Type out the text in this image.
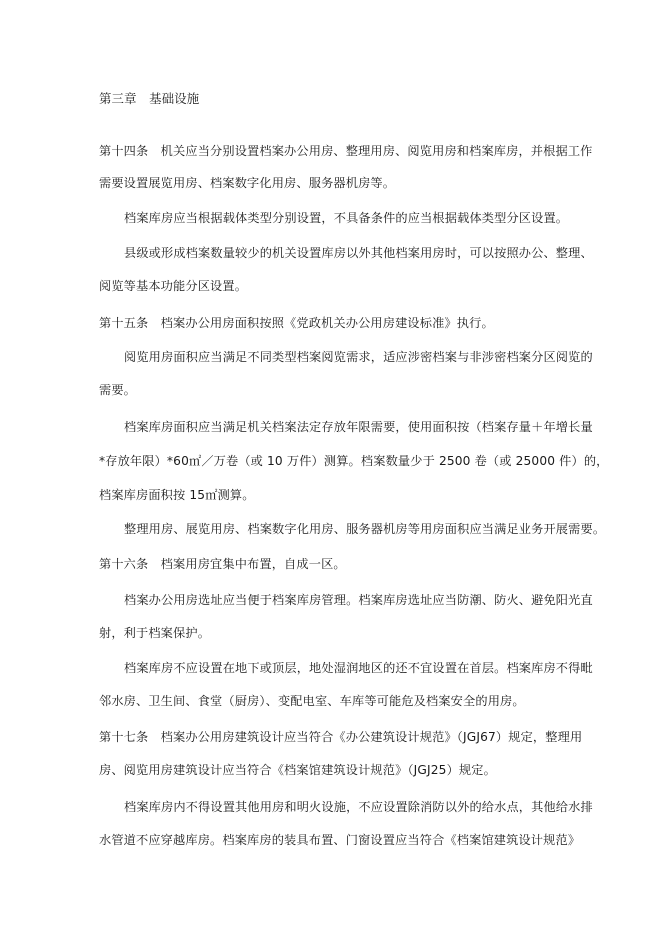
第三章　基础设施
第十四条　机关应当分别设置档案办公用房、整理用房、阅览用房和档案库房，并根据工作
需要设置展览用房、档案数字化用房、服务器机房等。
档案库房应当根据载体类型分别设置，不具备条件的应当根据载体类型分区设置。
县级或形成档案数量较少的机关设置库房以外其他档案用房时，可以按照办公、整理、
阅览等基本功能分区设置。
第十五条　档案办公用房面积按照《党政机关办公用房建设标准》执行。
阅览用房面积应当满足不同类型档案阅览需求，适应涉密档案与非涉密档案分区阅览的
需要。
档案库房面积应当满足机关档案法定存放年限需要，使用面积按（档案存量＋年增长量
*存放年限）*60㎡／万卷（或 10 万件）测算。档案数量少于 2500 卷（或 25000 件）的，
档案库房面积按 15㎡测算。
整理用房、展览用房、档案数字化用房、服务器机房等用房面积应当满足业务开展需要。
第十六条　档案用房宜集中布置，自成一区。
档案办公用房选址应当便于档案库房管理。档案库房选址应当防潮、防火、避免阳光直
射，利于档案保护。
档案库房不应设置在地下或顶层，地处湿润地区的还不宜设置在首层。档案库房不得毗
邻水房、卫生间、食堂（厨房）、变配电室、车库等可能危及档案安全的用房。
第十七条　档案办公用房建筑设计应当符合《办公建筑设计规范》（JGJ67）规定，整理用
房、阅览用房建筑设计应当符合《档案馆建筑设计规范》（JGJ25）规定。
档案库房内不得设置其他用房和明火设施，不应设置除消防以外的给水点，其他给水排
水管道不应穿越库房。档案库房的装具布置、门窗设置应当符合《档案馆建筑设计规范》
